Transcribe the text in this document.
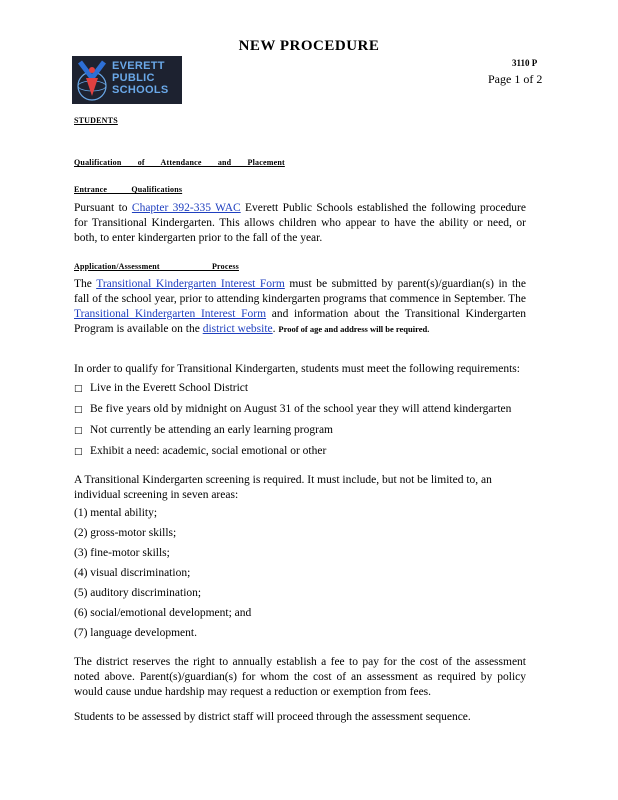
NEW PROCEDURE
EVERETT
PUBLIC
SCHOOLS
3110 P
Page 1 of 2
STUDENTS
Qualification of Attendance and Placement
Entrance Qualifications
Pursuant to Chapter 392-335 WAC Everett Public Schools established the following procedure for Transitional Kindergarten. This allows children who appear to have the ability or need, or both, to enter kindergarten prior to the fall of the year.
Application/Assessment Process
The Transitional Kindergarten Interest Form must be submitted by parent(s)/guardian(s) in the fall of the school year, prior to attending kindergarten programs that commence in September. The Transitional Kindergarten Interest Form and information about the Transitional Kindergarten Program is available on the district website. Proof of age and address will be required.
In order to qualify for Transitional Kindergarten, students must meet the following requirements:
□ Live in the Everett School District
□ Be five years old by midnight on August 31 of the school year they will attend kindergarten
□ Not currently be attending an early learning program
□ Exhibit a need: academic, social emotional or other
A Transitional Kindergarten screening is required. It must include, but not be limited to, an individual screening in seven areas:
(1) mental ability;
(2) gross-motor skills;
(3) fine-motor skills;
(4) visual discrimination;
(5) auditory discrimination;
(6) social/emotional development; and
(7) language development.
The district reserves the right to annually establish a fee to pay for the cost of the assessment noted above. Parent(s)/guardian(s) for whom the cost of an assessment as required by policy would cause undue hardship may request a reduction or exemption from fees.
Students to be assessed by district staff will proceed through the assessment sequence.
